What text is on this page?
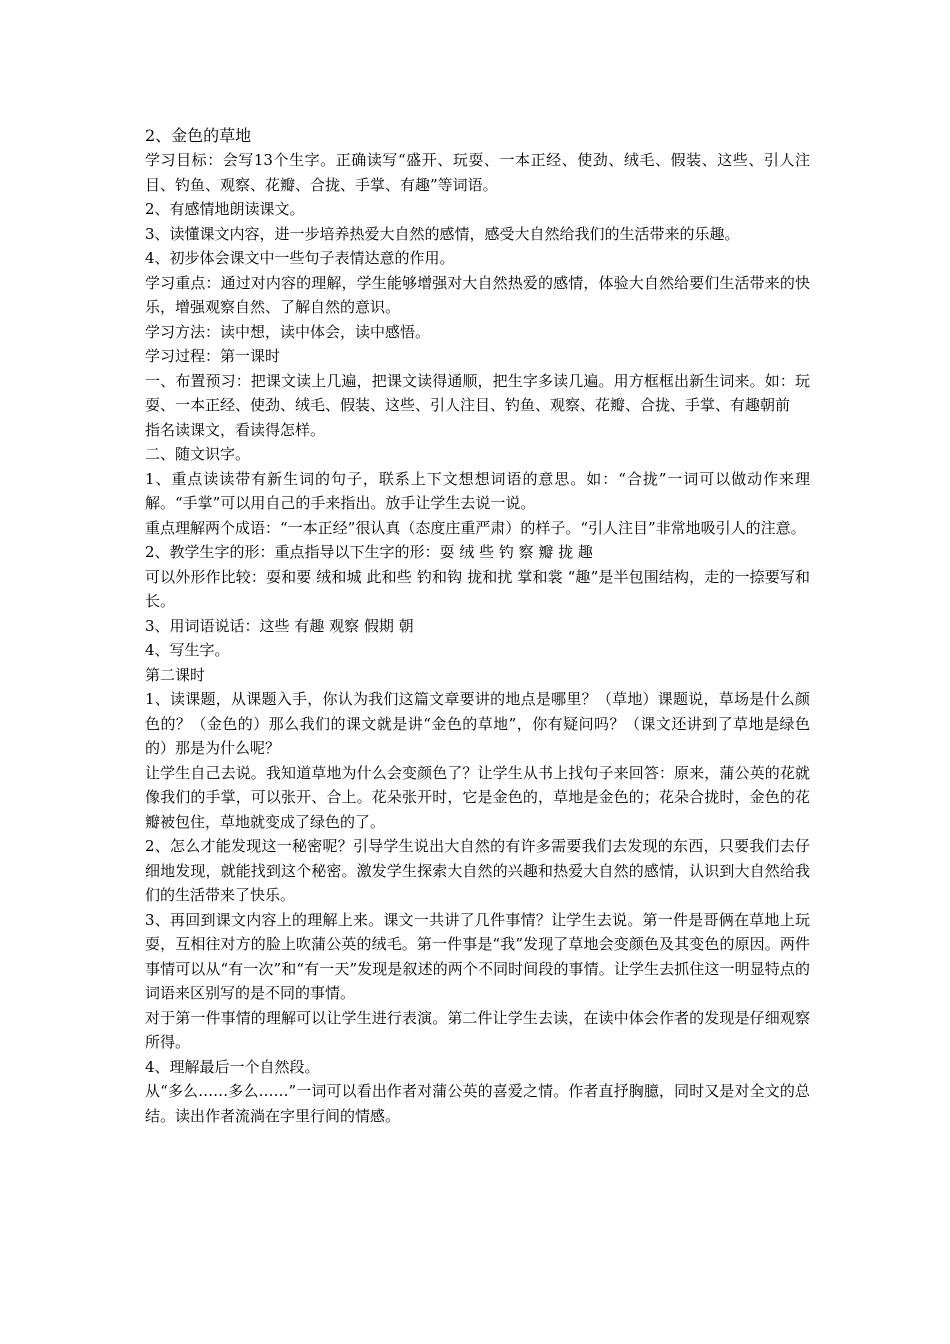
2、金色的草地

学习目标：会写13个生字。正确读写“盛开、玩耍、一本正经、使劲、绒毛、假装、这些、引人注目、钓鱼、观察、花瓣、合拢、手掌、有趣”等词语。

2、有感情地朗读课文。

3、读懂课文内容，进一步培养热爱大自然的感情，感受大自然给我们的生活带来的乐趣。

4、初步体会课文中一些句子表情达意的作用。

学习重点：通过对内容的理解，学生能够增强对大自然热爱的感情，体验大自然给要们生活带来的快乐，增强观察自然、了解自然的意识。

学习方法：读中想，读中体会，读中感悟。

学习过程：第一课时

一、布置预习：把课文读上几遍，把课文读得通顺，把生字多读几遍。用方框框出新生词来。如：玩耍、一本正经、使劲、绒毛、假装、这些、引人注目、钓鱼、观察、花瓣、合拢、手掌、有趣朝前

指名读课文，看读得怎样。

二、随文识字。

1、重点读读带有新生词的句子，联系上下文想想词语的意思。如：“合拢”一词可以做动作来理解。“手掌”可以用自己的手来指出。放手让学生去说一说。

重点理解两个成语：“一本正经”很认真（态度庄重严肃）的样子。“引人注目”非常地吸引人的注意。

2、教学生字的形：重点指导以下生字的形：耍 绒 些 钓 察 瓣 拢 趣

可以外形作比较：耍和要 绒和城 此和些 钓和钩 拢和扰 掌和裳 “趣”是半包围结构，走的一捺要写和长。

3、用词语说话：这些 有趣 观察 假期 朝

4、写生字。

第二课时

1、读课题，从课题入手，你认为我们这篇文章要讲的地点是哪里？（草地）课题说，草场是什么颜色的？（金色的）那么我们的课文就是讲“金色的草地”，你有疑问吗？（课文还讲到了草地是绿色的）那是为什么呢？

让学生自己去说。我知道草地为什么会变颜色了？让学生从书上找句子来回答：原来，蒲公英的花就像我们的手掌，可以张开、合上。花朵张开时，它是金色的，草地是金色的；花朵合拢时，金色的花瓣被包住，草地就变成了绿色的了。

2、怎么才能发现这一秘密呢？引导学生说出大自然的有许多需要我们去发现的东西，只要我们去仔细地发现，就能找到这个秘密。激发学生探索大自然的兴趣和热爱大自然的感情，认识到大自然给我们的生活带来了快乐。

3、再回到课文内容上的理解上来。课文一共讲了几件事情？让学生去说。第一件是哥俩在草地上玩耍，互相往对方的脸上吹蒲公英的绒毛。第一件事是“我”发现了草地会变颜色及其变色的原因。两件事情可以从“有一次”和“有一天”发现是叙述的两个不同时间段的事情。让学生去抓住这一明显特点的词语来区别写的是不同的事情。

对于第一件事情的理解可以让学生进行表演。第二件让学生去读，在读中体会作者的发现是仔细观察所得。

4、理解最后一个自然段。

从“多么……多么……”一词可以看出作者对蒲公英的喜爱之情。作者直抒胸臆，同时又是对全文的总结。读出作者流淌在字里行间的情感。
